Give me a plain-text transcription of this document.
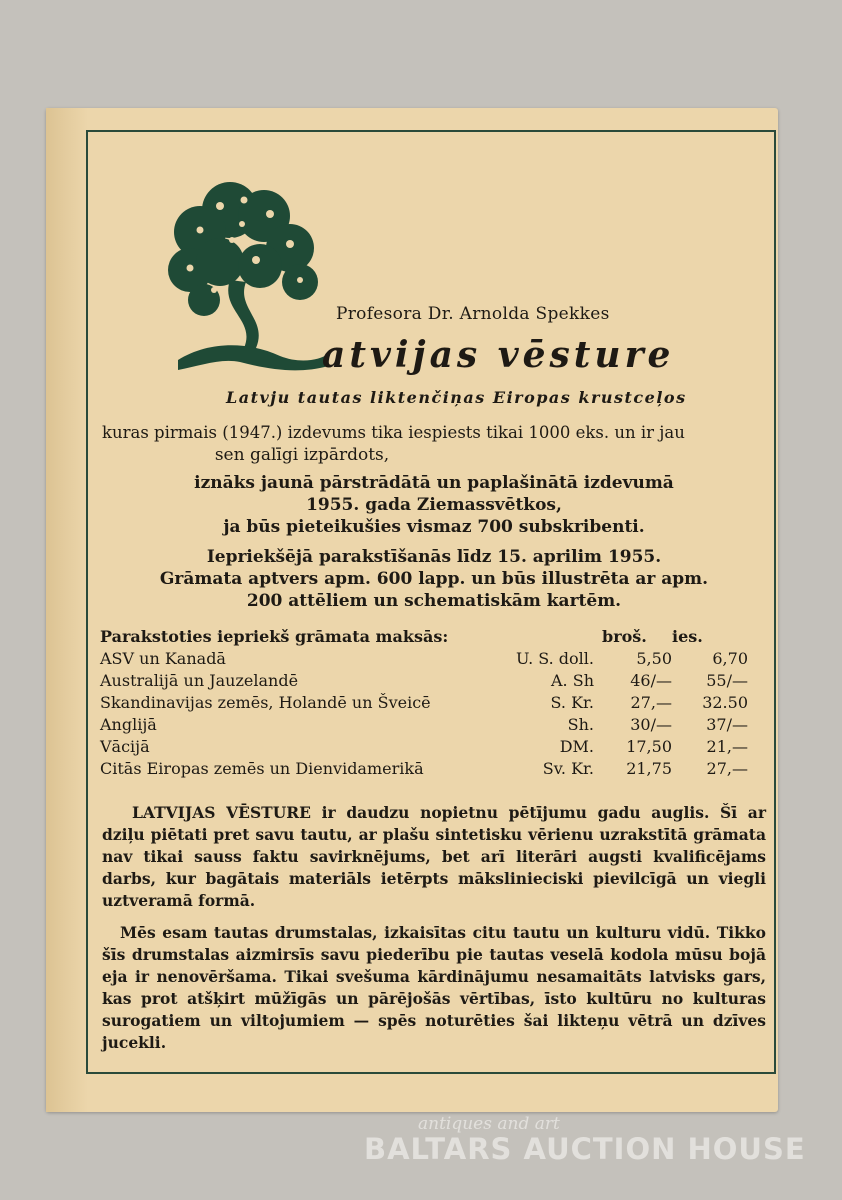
Profesora Dr. Arnolda Spekkes
atvijas vēsture
Latvju tautas liktenčiņas Eiropas krustceļos
kuras pirmais (1947.) izdevums tika iespiests tikai 1000 eks. un ir jau
sen galīgi izpārdots,
iznāks jaunā pārstrādātā un paplašinātā izdevumā
1955. gada Ziemassvētkos,
ja būs pieteikušies vismaz 700 subskribenti.
Iepriekšējā parakstīšanās līdz 15. aprilim 1955.
Grāmata aptvers apm. 600 lapp. un būs illustrēta ar apm.
200 attēliem un schematiskām kartēm.
Parakstoties iepriekš grāmata maksās:		broš.	ies.
ASV un Kanadā	U. S. doll.	5,50	6,70
Australijā un Jauzelandē	A. Sh	46/—	55/—
Skandinavijas zemēs, Holandē un Šveicē	S. Kr.	27,—	32.50
Anglijā	Sh.	30/—	37/—
Vācijā	DM.	17,50	21,—
Citās Eiropas zemēs un Dienvidamerikā	Sv. Kr.	21,75	27,—

LATVIJAS VĒSTURE ir daudzu nopietnu pētījumu gadu auglis. Šī ar dziļu piētati pret savu tautu, ar plašu sintetisku vērienu uzrakstītā grāmata nav tikai sauss faktu savirknējums, bet arī literāri augsti kvalificējams darbs, kur bagātais materiāls ietērpts mākslinieciski pievilcīgā un viegli uztveramā formā.

Mēs esam tautas drumstalas, izkaisītas citu tautu un kulturu vidū. Tikko šīs drumstalas aizmirsīs savu piederību pie tautas veselā kodola mūsu bojā eja ir nenovēršama. Tikai svešuma kārdinājumu nesamaitāts latvisks gars, kas prot atšķirt mūžīgās un pārējošās vērtības, īsto kultūru no kulturas surogatiem un viltojumiem — spēs noturēties šai likteņu vētrā un dzīves jucekli.

antiques and art
BALTARS AUCTION HOUSE
